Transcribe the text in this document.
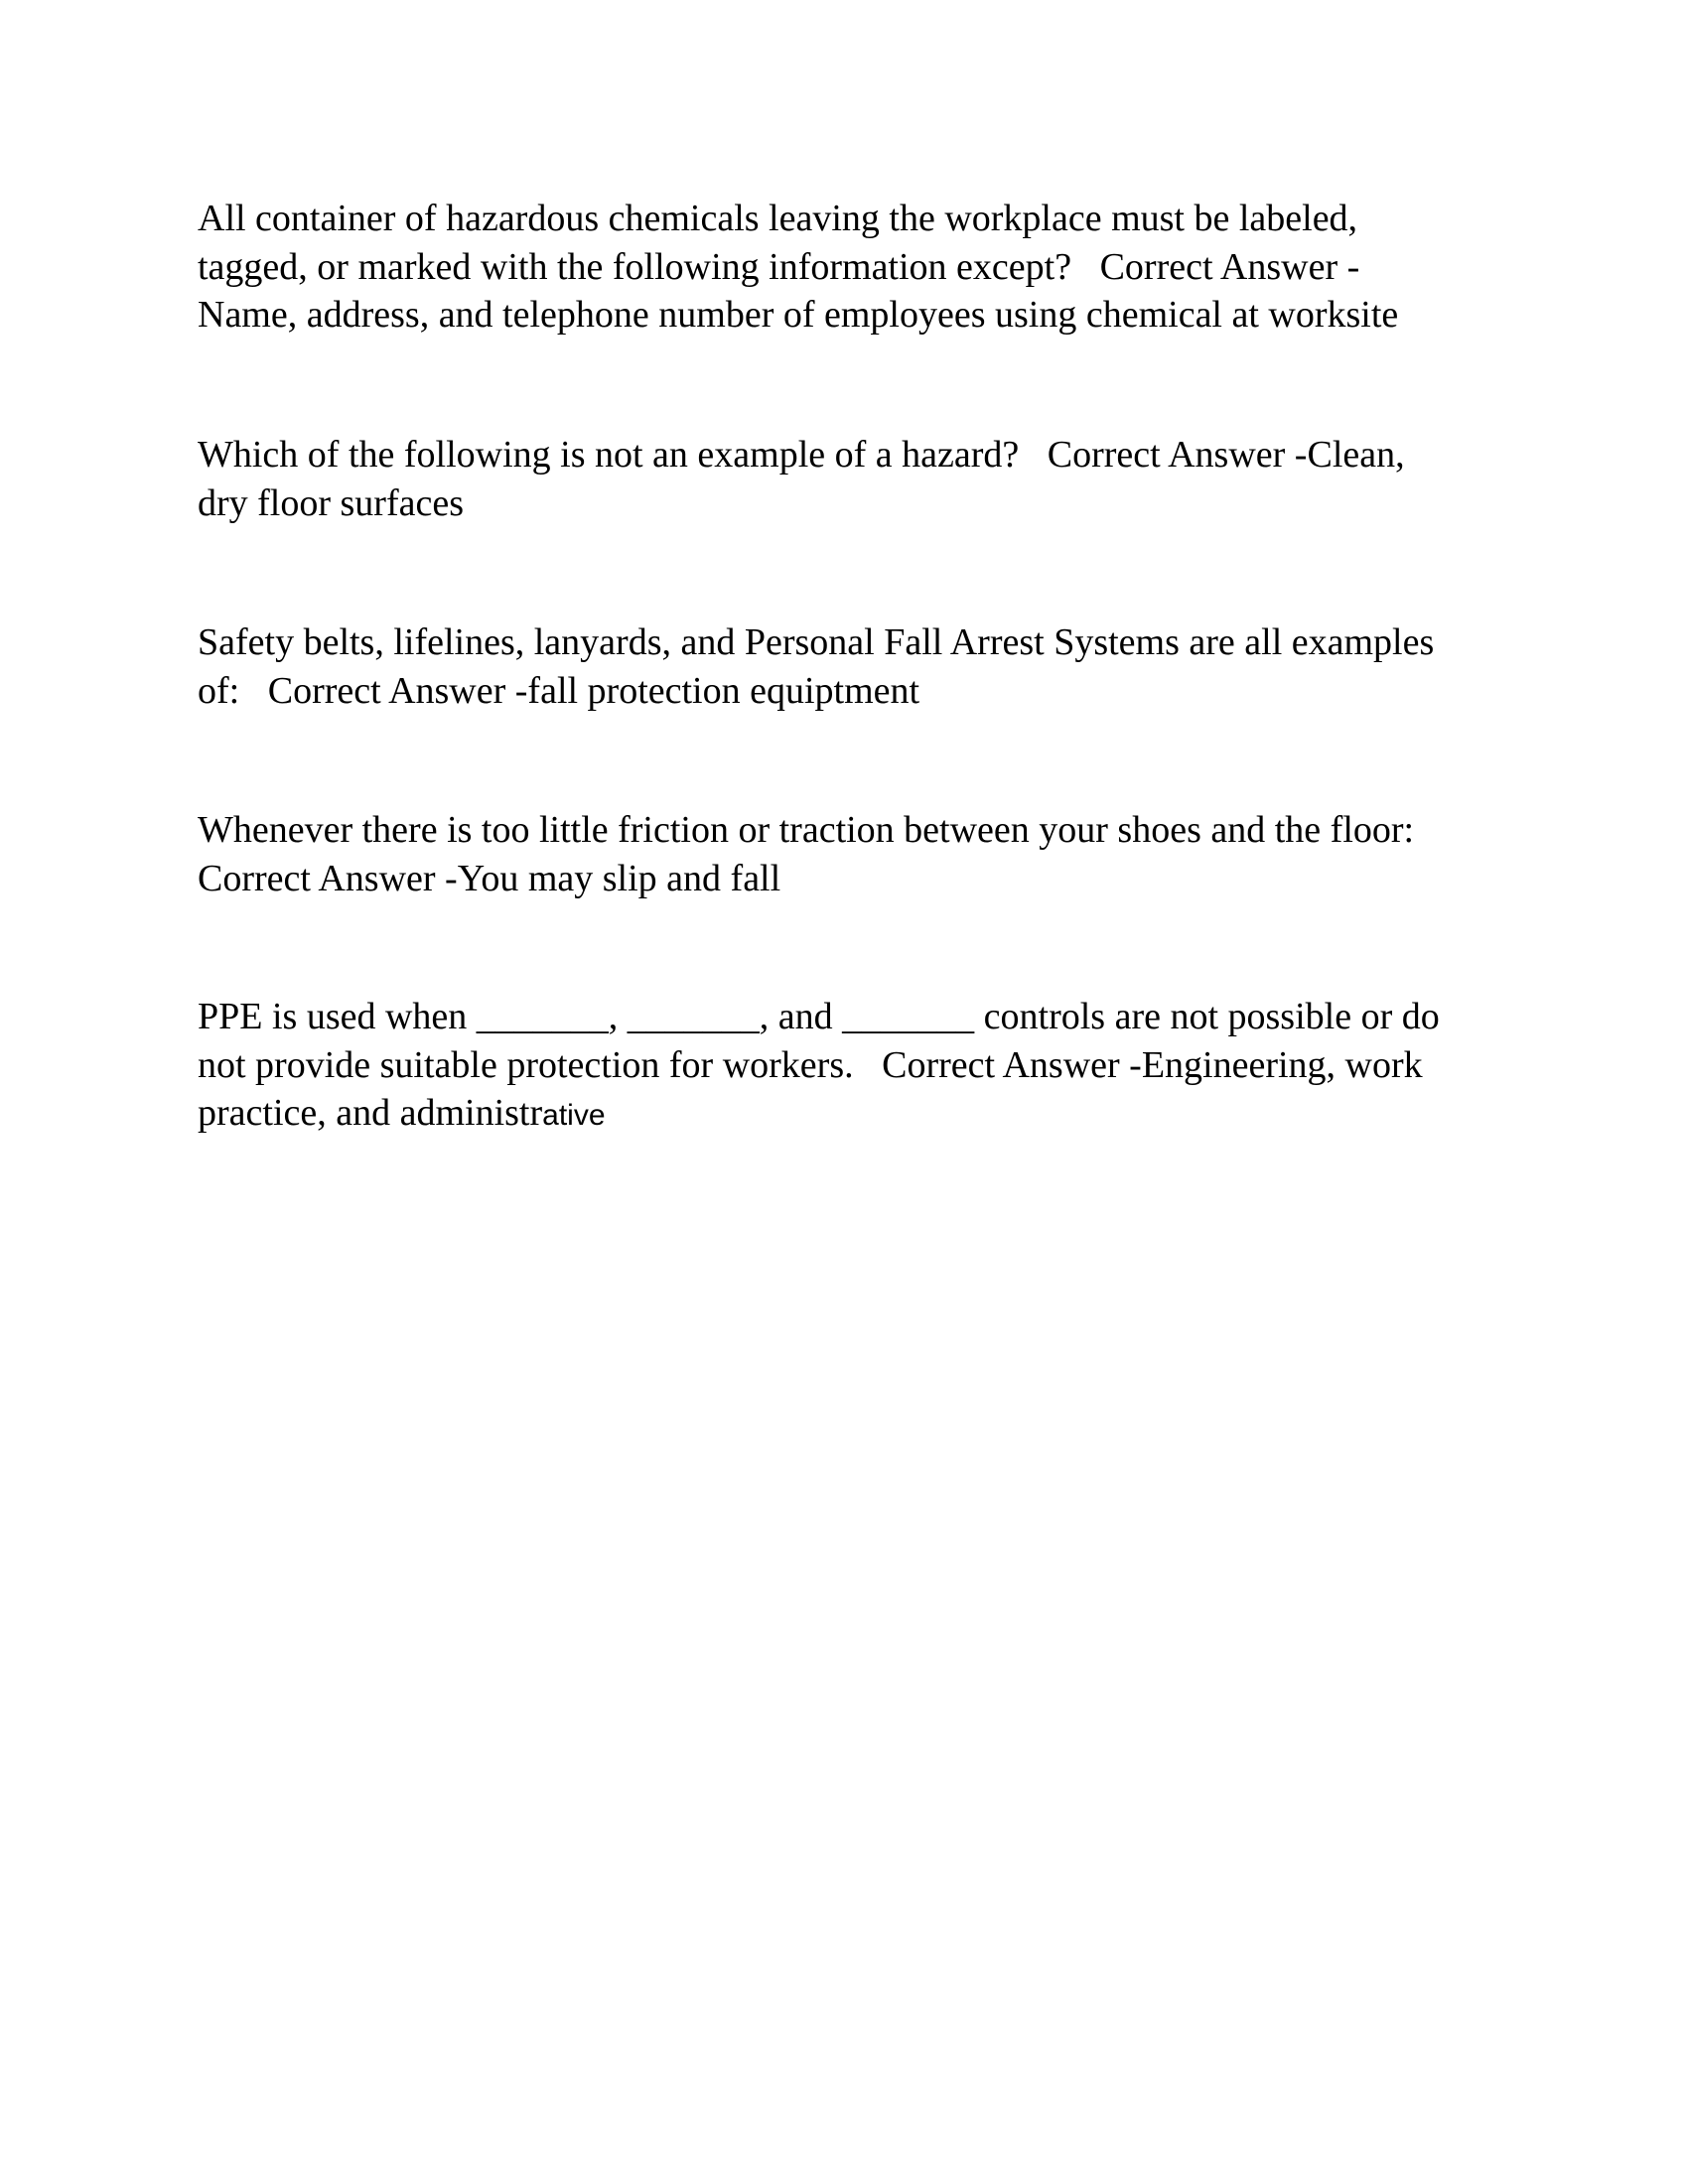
All container of hazardous chemicals leaving the workplace must be labeled,
tagged, or marked with the following information except? Correct Answer -
Name, address, and telephone number of employees using chemical at worksite

Which of the following is not an example of a hazard? Correct Answer -Clean,
dry floor surfaces

Safety belts, lifelines, lanyards, and Personal Fall Arrest Systems are all examples
of: Correct Answer -fall protection equiptment

Whenever there is too little friction or traction between your shoes and the floor:
Correct Answer -You may slip and fall

PPE is used when _______, _______, and _______ controls are not possible or do
not provide suitable protection for workers. Correct Answer -Engineering, work
practice, and administrative
